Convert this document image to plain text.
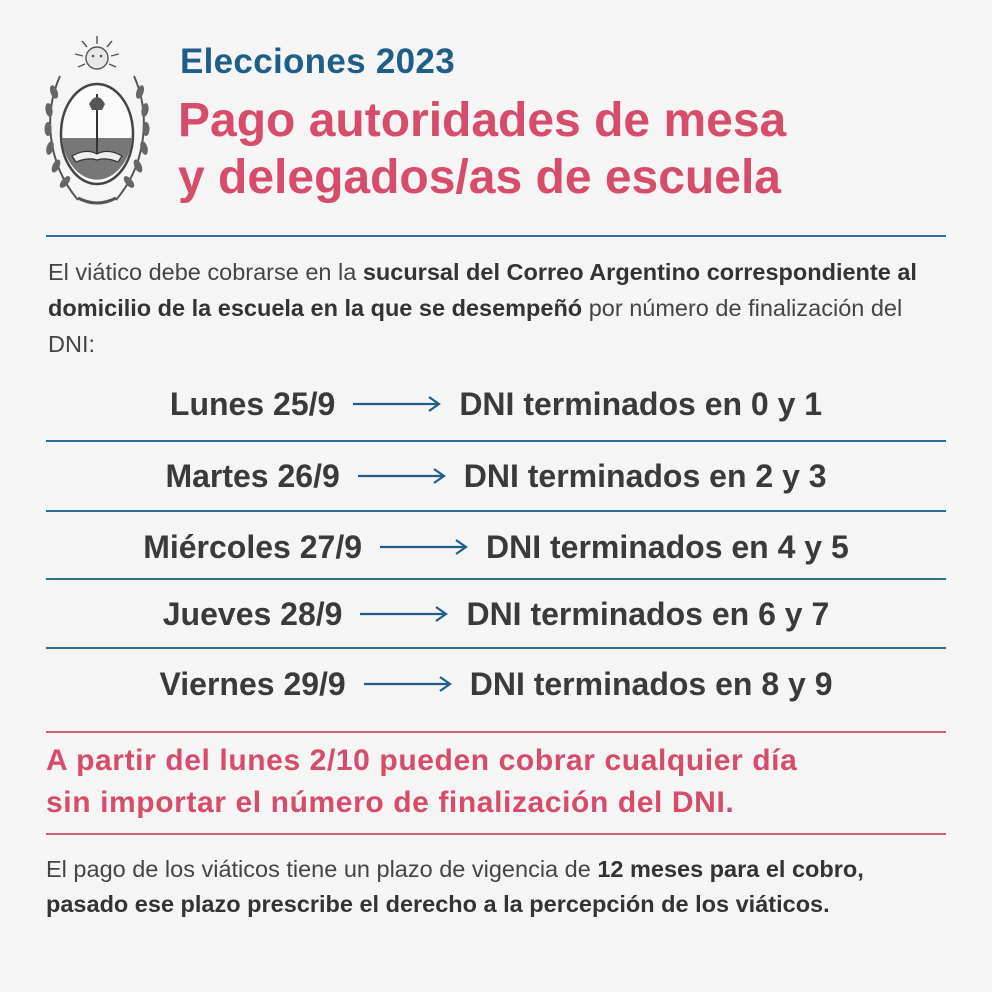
Elecciones 2023
Pago autoridades de mesa
y delegados/as de escuela
El viático debe cobrarse en la sucursal del Correo Argentino correspondiente al domicilio de la escuela en la que se desempeñó por número de finalización del DNI:
Lunes 25/9	DNI terminados en 0 y 1
Martes 26/9	DNI terminados en 2 y 3
Miércoles 27/9	DNI terminados en 4 y 5
Jueves 28/9	DNI terminados en 6 y 7
Viernes 29/9	DNI terminados en 8 y 9
A partir del lunes 2/10 pueden cobrar cualquier día
sin importar el número de finalización del DNI.
El pago de los viáticos tiene un plazo de vigencia de 12 meses para el cobro, pasado ese plazo prescribe el derecho a la percepción de los viáticos.
